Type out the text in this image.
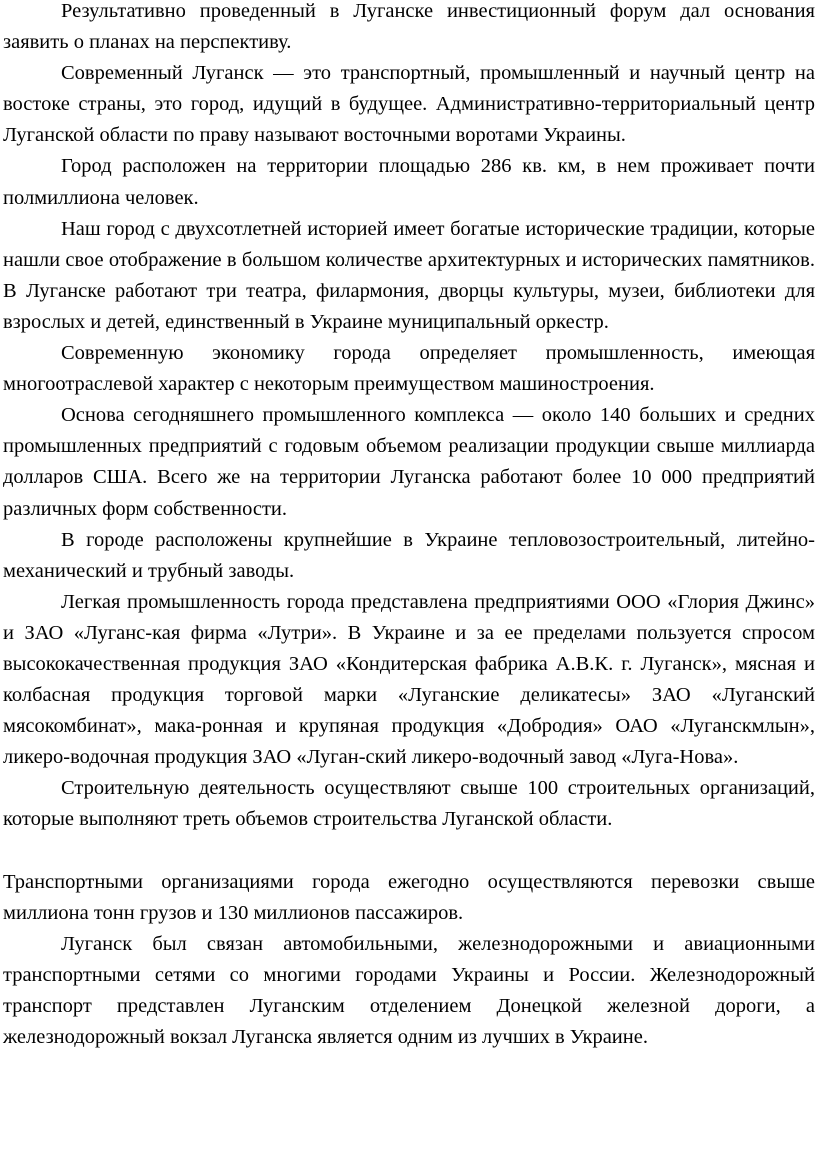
Результативно проведенный в Луганске инвестиционный форум дал основания заявить о планах на перспективу.

Современный Луганск — это транспортный, промышленный и научный центр на востоке страны, это город, идущий в будущее. Административно-территориальный центр Луганской области по праву называют восточными воротами Украины.

Город расположен на территории площадью 286 кв. км, в нем проживает почти полмиллиона человек.

Наш город с двухсотлетней историей имеет богатые исторические традиции, которые нашли свое отображение в большом количестве архитектурных и исторических памятников. В Луганске работают три театра, филармония, дворцы культуры, музеи, библиотеки для взрослых и детей, единственный в Украине муниципальный оркестр.

Современную экономику города определяет промышленность, имеющая многоотраслевой характер с некоторым преимуществом машиностроения.

Основа сегодняшнего промышленного комплекса — около 140 больших и средних промышленных предприятий с годовым объемом реализации продукции свыше миллиарда долларов США. Всего же на территории Луганска работают более 10 000 предприятий различных форм собственности.

В городе расположены крупнейшие в Украине тепловозостроительный, литейно-механический и трубный заводы.

Легкая промышленность города представлена предприятиями ООО «Глория Джинс» и ЗАО «Луганс-кая фирма «Лутри». В Украине и за ее пределами пользуется спросом высококачественная продукция ЗАО «Кондитерская фабрика А.В.К. г. Луганск», мясная и колбасная продукция торговой марки «Луганские деликатесы» ЗАО «Луганский мясокомбинат», мака-ронная и крупяная продукция «Добродия» ОАО «Луганскмлын», ликеро-водочная продукция ЗАО «Луган-ский ликеро-водочный завод «Луга-Нова».

Строительную деятельность осуществляют свыше 100 строительных организаций, которые выполняют треть объемов строительства Луганской области.

Транспортными организациями города ежегодно осуществляются перевозки свыше миллиона тонн грузов и 130 миллионов пассажиров.

Луганск был связан автомобильными, железнодорожными и авиационными транспортными сетями со многими городами Украины и России. Железнодорожный транспорт представлен Луганским отделением Донецкой железной дороги, а железнодорожный вокзал Луганска является одним из лучших в Украине.
